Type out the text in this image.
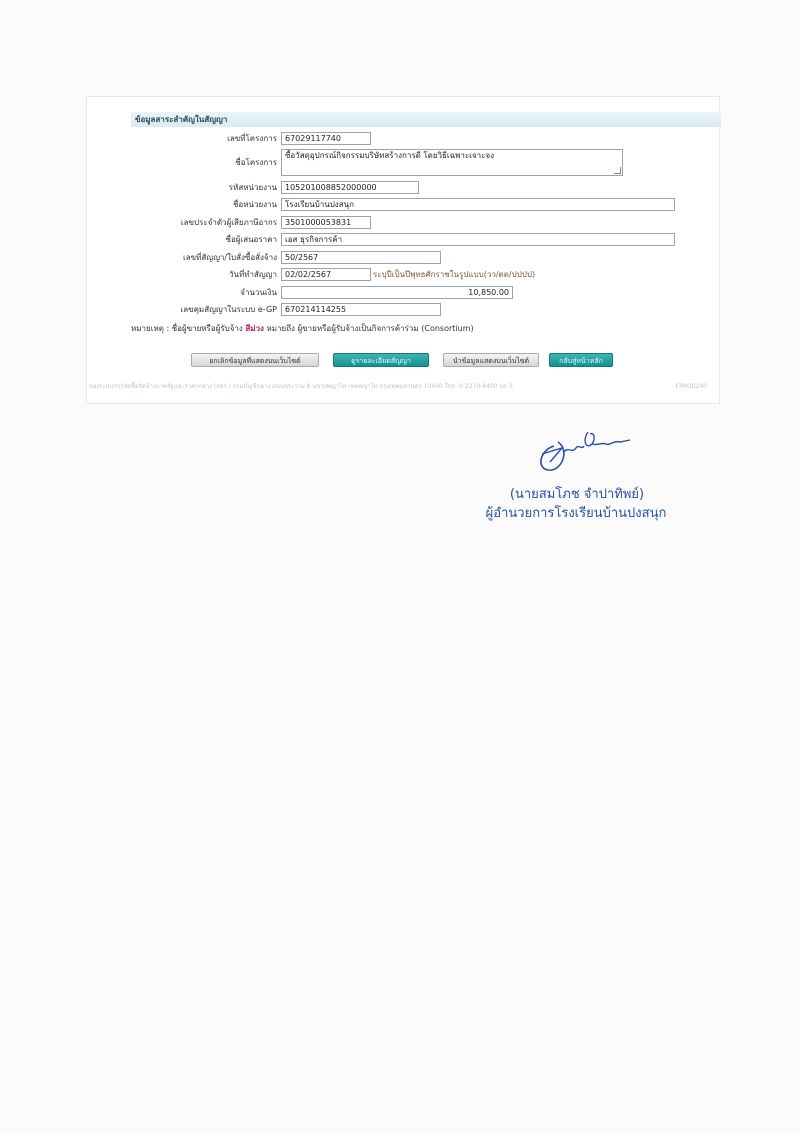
ข้อมูลสาระสำคัญในสัญญา
เลขที่โครงการ	67029117740
ชื่อโครงการ
ซื้อวัสดุอุปกรณ์กิจกรรมบริษัทสร้างการดี โดยวิธีเฉพาะเจาะจง
รหัสหน่วยงาน	105201008852000000
ชื่อหน่วยงาน	โรงเรียนบ้านปงสนุก
เลขประจำตัวผู้เสียภาษีอากร	3501000053831
ชื่อผู้เสนอราคา	เอส ธุรกิจการค้า
เลขที่สัญญา/ใบสั่งซื้อสั่งจ้าง	50/2567
วันที่ทำสัญญา	02/02/2567	ระบุปีเป็นปีพุทธศักราชในรูปแบบ(วว/ดด/ปปปป)
จำนวนเงิน	10,850.00
เลขคุมสัญญาในระบบ e-GP	670214114255
หมายเหตุ : ชื่อผู้ขายหรือผู้รับจ้าง สีม่วง หมายถึง ผู้ขายหรือผู้รับจ้างเป็นกิจการค้าร่วม (Consortium)
ยกเลิกข้อมูลที่แสดงบนเว็บไซต์	ดูรายละเอียดสัญญา	นำข้อมูลแสดงบนเว็บไซต์	กลับสู่หน้าหลัก
กองระบบการจัดซื้อจัดจ้างภาครัฐและราคากลาง (กจร.) กรมบัญชีกลาง ถนนพระราม 6 แขวงพญาไท เขตพญาไท กรุงเทพมหานคร 10400 โทร. 0-2270-6400 กด 3	FPRO0240
(นายสมโภช จำปาทิพย์)
ผู้อำนวยการโรงเรียนบ้านปงสนุก
